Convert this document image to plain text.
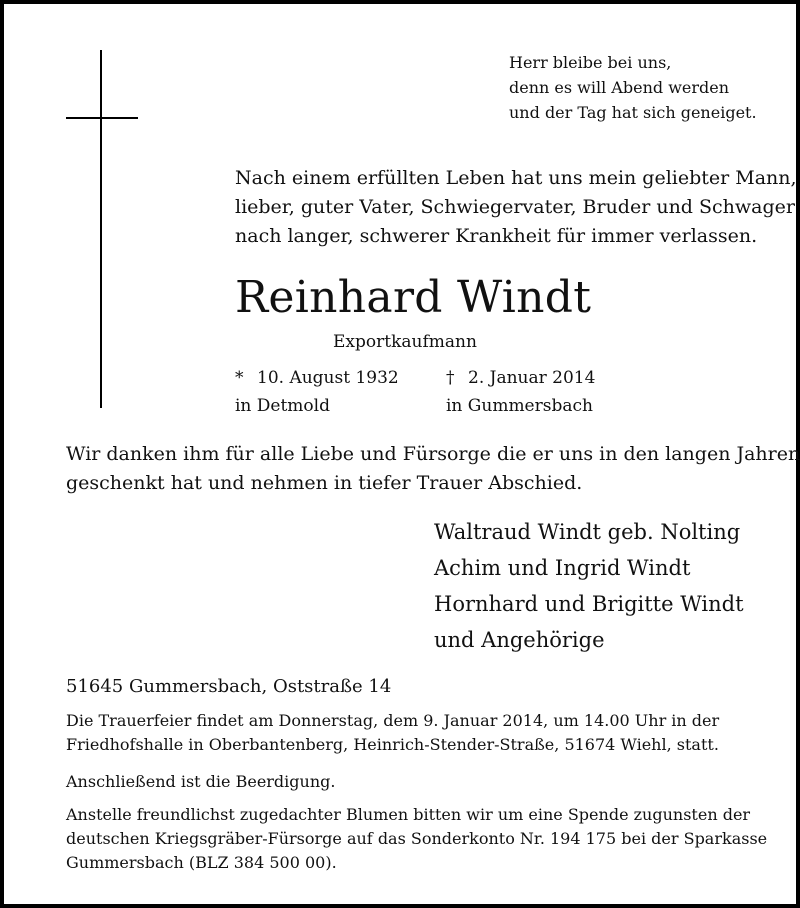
Herr bleibe bei uns,
denn es will Abend werden
und der Tag hat sich geneiget.
Nach einem erfüllten Leben hat uns mein geliebter Mann,
lieber, guter Vater, Schwiegervater, Bruder und Schwager
nach langer, schwerer Krankheit für immer verlassen.
Reinhard Windt
Exportkaufmann
* 10. August 1932
in Detmold
† 2. Januar 2014
in Gummersbach
Wir danken ihm für alle Liebe und Fürsorge die er uns in den langen Jahren
geschenkt hat und nehmen in tiefer Trauer Abschied.
Waltraud Windt geb. Nolting
Achim und Ingrid Windt
Hornhard und Brigitte Windt
und Angehörige
51645 Gummersbach, Oststraße 14
Die Trauerfeier findet am Donnerstag, dem 9. Januar 2014, um 14.00 Uhr in der
Friedhofshalle in Oberbantenberg, Heinrich-Stender-Straße, 51674 Wiehl, statt.
Anschließend ist die Beerdigung.
Anstelle freundlichst zugedachter Blumen bitten wir um eine Spende zugunsten der
deutschen Kriegsgräber-Fürsorge auf das Sonderkonto Nr. 194 175 bei der Sparkasse
Gummersbach (BLZ 384 500 00).
